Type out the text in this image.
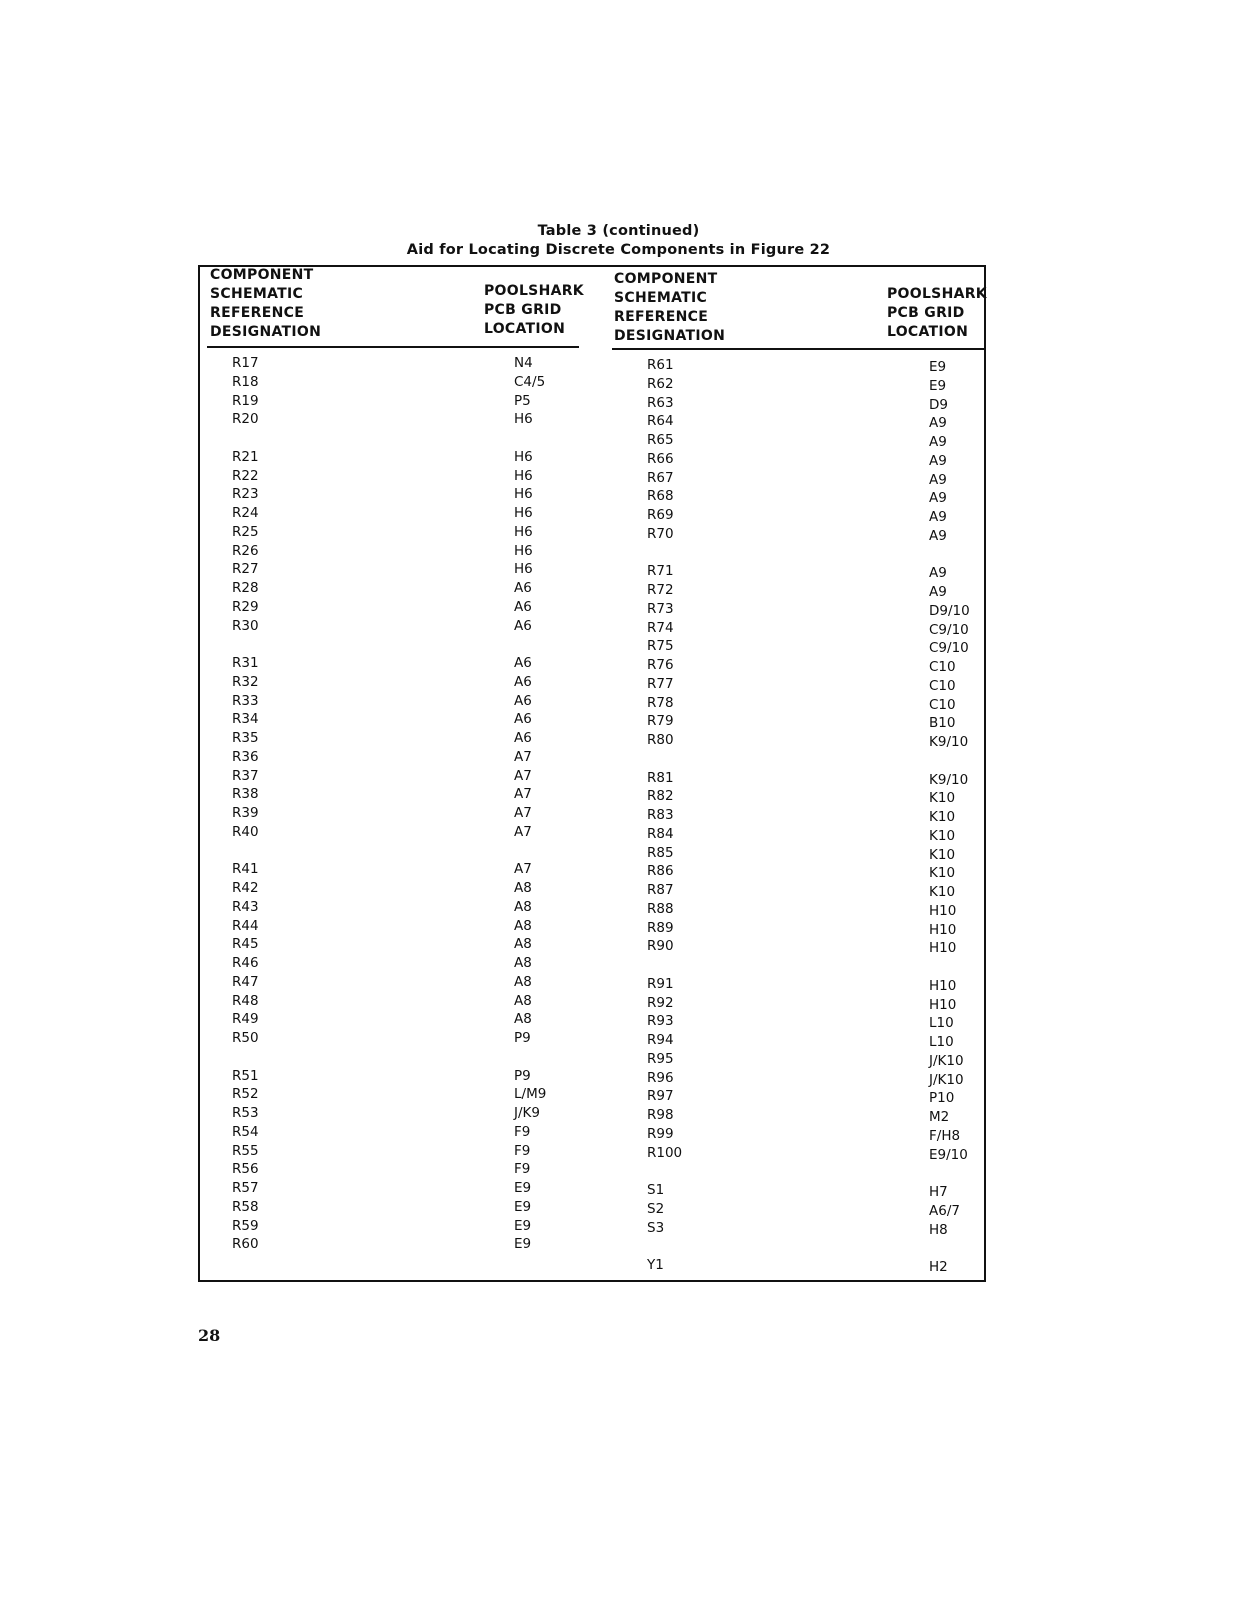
Table 3 (continued)
Aid for Locating Discrete Components in Figure 22
COMPONENT
SCHEMATIC
REFERENCE
DESIGNATION
POOLSHARK
PCB GRID
LOCATION
COMPONENT
SCHEMATIC
REFERENCE
DESIGNATION
POOLSHARK
PCB GRID
LOCATION
R17	N4
R18	C4/5
R19	P5
R20	H6
R21	H6
R22	H6
R23	H6
R24	H6
R25	H6
R26	H6
R27	H6
R28	A6
R29	A6
R30	A6
R31	A6
R32	A6
R33	A6
R34	A6
R35	A6
R36	A7
R37	A7
R38	A7
R39	A7
R40	A7
R41	A7
R42	A8
R43	A8
R44	A8
R45	A8
R46	A8
R47	A8
R48	A8
R49	A8
R50	P9
R51	P9
R52	L/M9
R53	J/K9
R54	F9
R55	F9
R56	F9
R57	E9
R58	E9
R59	E9
R60	E9
R61	E9
R62	E9
R63	D9
R64	A9
R65	A9
R66	A9
R67	A9
R68	A9
R69	A9
R70	A9
R71	A9
R72	A9
R73	D9/10
R74	C9/10
R75	C9/10
R76	C10
R77	C10
R78	C10
R79	B10
R80	K9/10
R81	K9/10
R82	K10
R83	K10
R84	K10
R85	K10
R86	K10
R87	K10
R88	H10
R89	H10
R90	H10
R91	H10
R92	H10
R93	L10
R94	L10
R95	J/K10
R96	J/K10
R97	P10
R98	M2
R99	F/H8
R100	E9/10
S1	H7
S2	A6/7
S3	H8
Y1	H2
28
